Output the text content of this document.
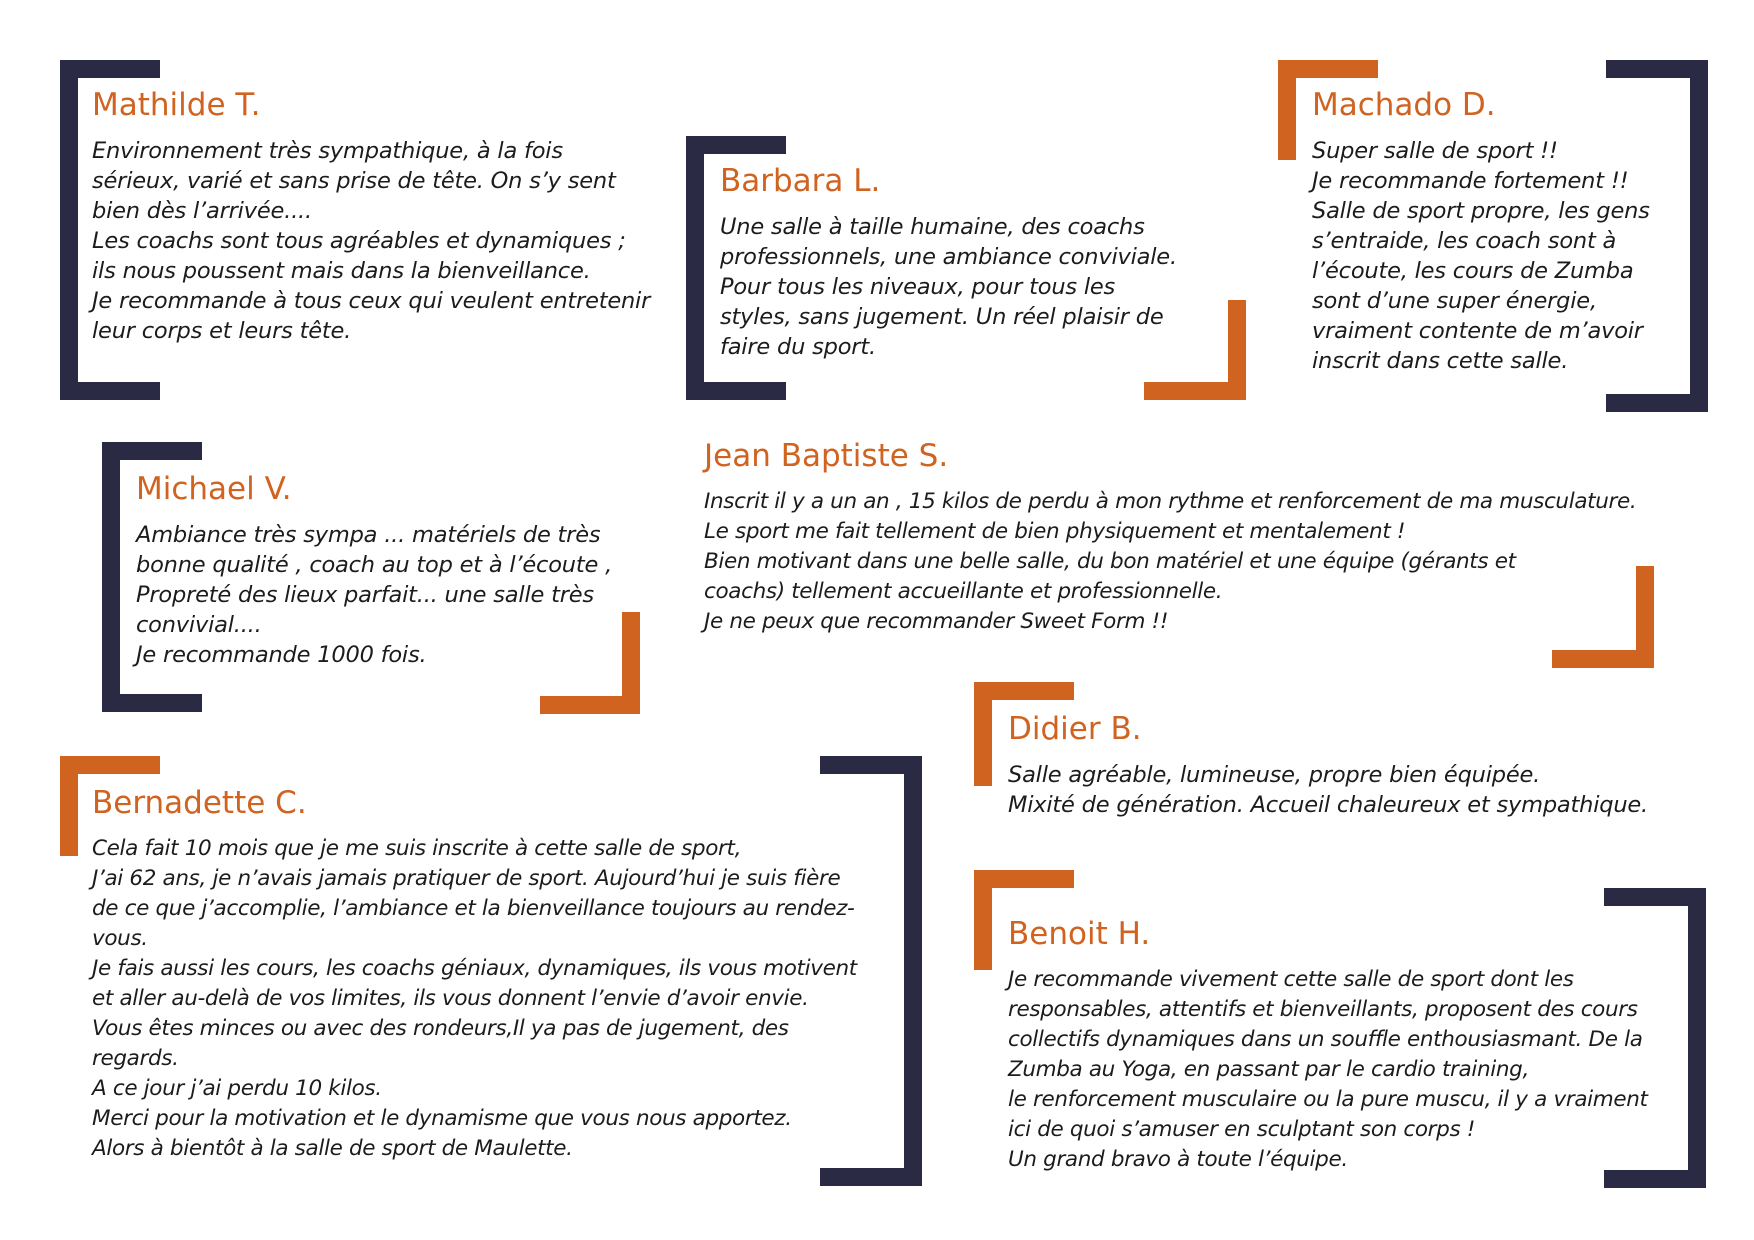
Mathilde T.
Environnement très sympathique, à la fois
sérieux, varié et sans prise de tête. On s’y sent
bien dès l’arrivée....
Les coachs sont tous agréables et dynamiques ;
ils nous poussent mais dans la bienveillance.
Je recommande à tous ceux qui veulent entretenir
leur corps et leurs tête.
Barbara L.
Une salle à taille humaine, des coachs
professionnels, une ambiance conviviale.
Pour tous les niveaux, pour tous les
styles, sans jugement. Un réel plaisir de
faire du sport.
Machado D.
Super salle de sport !!
Je recommande fortement !!
Salle de sport propre, les gens
s’entraide, les coach sont à
l’écoute, les cours de Zumba
sont d’une super énergie,
vraiment contente de m’avoir
inscrit dans cette salle.
Michael V.
Ambiance très sympa ... matériels de très
bonne qualité , coach au top et à l’écoute ,
Propreté des lieux parfait... une salle très
convivial....
Je recommande 1000 fois.
Jean Baptiste S.
Inscrit il y a un an , 15 kilos de perdu à mon rythme et renforcement de ma musculature.
Le sport me fait tellement de bien physiquement et mentalement !
Bien motivant dans une belle salle, du bon matériel et une équipe (gérants et
coachs) tellement accueillante et professionnelle.
Je ne peux que recommander Sweet Form !!
Didier B.
Salle agréable, lumineuse, propre bien équipée.
Mixité de génération. Accueil chaleureux et sympathique.
Bernadette C.
Cela fait 10 mois que je me suis inscrite à cette salle de sport,
J’ai 62 ans, je n’avais jamais pratiquer de sport. Aujourd’hui je suis fière
de ce que j’accomplie, l’ambiance et la bienveillance toujours au rendez-
vous.
Je fais aussi les cours, les coachs géniaux, dynamiques, ils vous motivent
et aller au-delà de vos limites, ils vous donnent l’envie d’avoir envie.
Vous êtes minces ou avec des rondeurs,Il ya pas de jugement, des
regards.
A ce jour j’ai perdu 10 kilos.
Merci pour la motivation et le dynamisme que vous nous apportez.
Alors à bientôt à la salle de sport de Maulette.
Benoit H.
Je recommande vivement cette salle de sport dont les
responsables, attentifs et bienveillants, proposent des cours
collectifs dynamiques dans un souffle enthousiasmant. De la
Zumba au Yoga, en passant par le cardio training,
le renforcement musculaire ou la pure muscu, il y a vraiment
ici de quoi s’amuser en sculptant son corps !
Un grand bravo à toute l’équipe.
